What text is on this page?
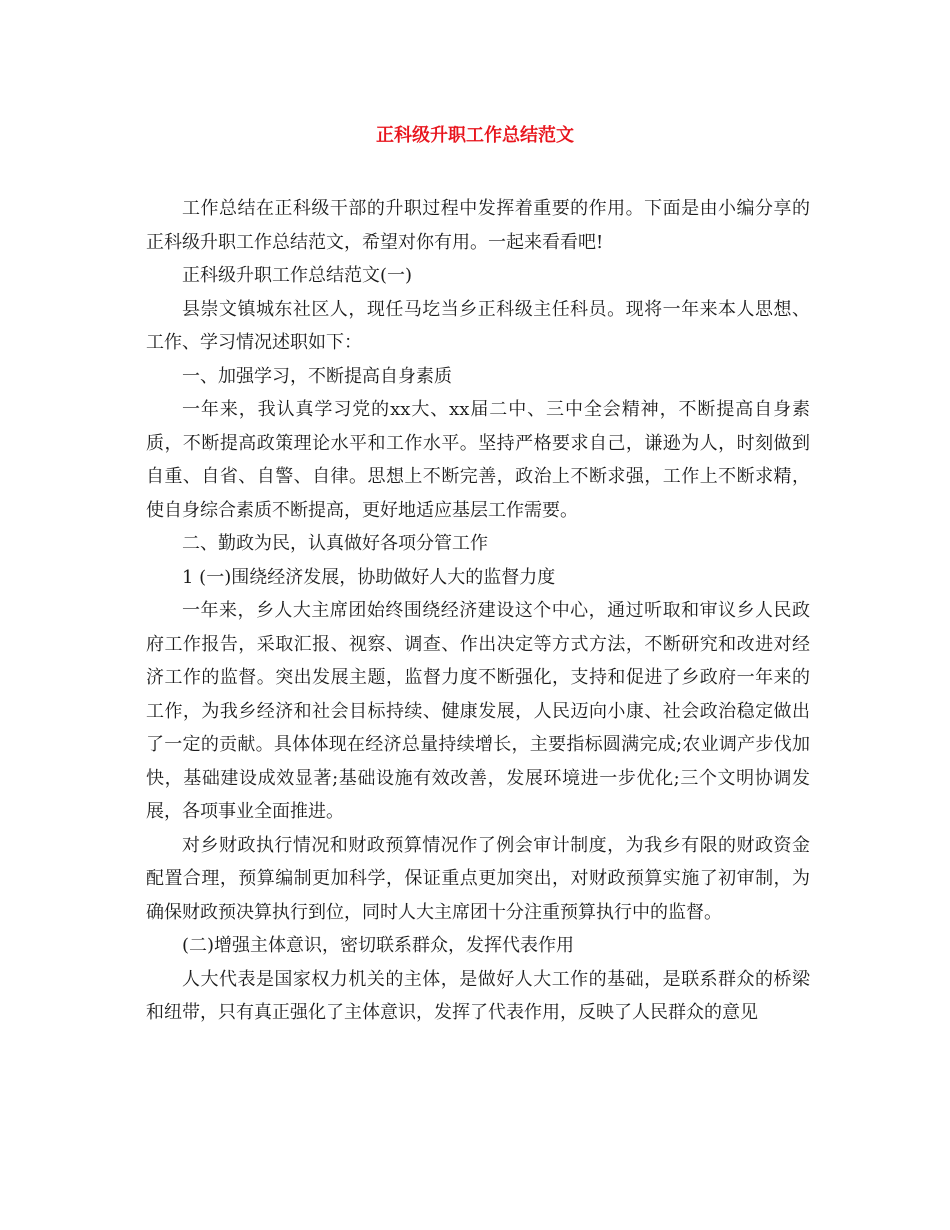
正科级升职工作总结范文

工作总结在正科级干部的升职过程中发挥着重要的作用。下面是由小编分享的正科级升职工作总结范文，希望对你有用。一起来看看吧!

正科级升职工作总结范文(一)

县崇文镇城东社区人，现任马圪当乡正科级主任科员。现将一年来本人思想、工作、学习情况述职如下：

一、加强学习，不断提高自身素质

一年来，我认真学习党的xx大、xx届二中、三中全会精神，不断提高自身素质，不断提高政策理论水平和工作水平。坚持严格要求自己，谦逊为人，时刻做到自重、自省、自警、自律。思想上不断完善，政治上不断求强，工作上不断求精，使自身综合素质不断提高，更好地适应基层工作需要。

二、勤政为民，认真做好各项分管工作

1 (一)围绕经济发展，协助做好人大的监督力度

一年来，乡人大主席团始终围绕经济建设这个中心，通过听取和审议乡人民政府工作报告，采取汇报、视察、调查、作出决定等方式方法，不断研究和改进对经济工作的监督。突出发展主题，监督力度不断强化，支持和促进了乡政府一年来的工作，为我乡经济和社会目标持续、健康发展，人民迈向小康、社会政治稳定做出了一定的贡献。具体体现在经济总量持续增长，主要指标圆满完成;农业调产步伐加快，基础建设成效显著;基础设施有效改善，发展环境进一步优化;三个文明协调发展，各项事业全面推进。

对乡财政执行情况和财政预算情况作了例会审计制度，为我乡有限的财政资金配置合理，预算编制更加科学，保证重点更加突出，对财政预算实施了初审制，为确保财政预决算执行到位，同时人大主席团十分注重预算执行中的监督。

(二)增强主体意识，密切联系群众，发挥代表作用

人大代表是国家权力机关的主体，是做好人大工作的基础，是联系群众的桥梁和纽带，只有真正强化了主体意识，发挥了代表作用，反映了人民群众的意见
